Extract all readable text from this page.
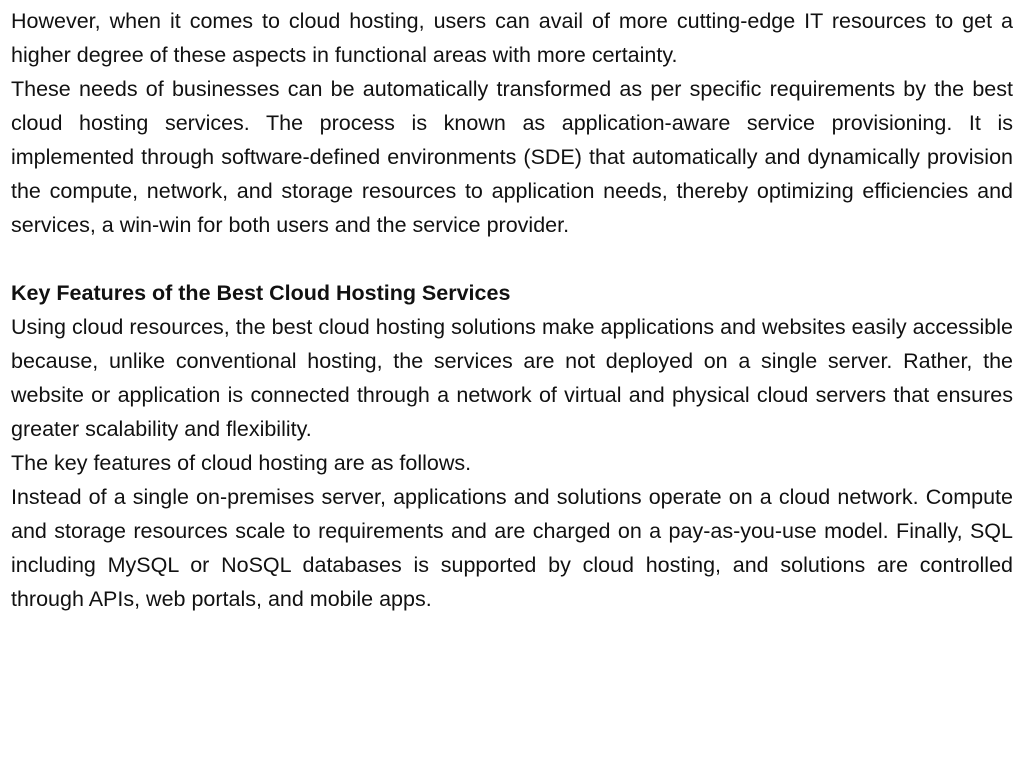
However, when it comes to cloud hosting, users can avail of more cutting-edge IT resources to get a higher degree of these aspects in functional areas with more certainty.

These needs of businesses can be automatically transformed as per specific requirements by the best cloud hosting services. The process is known as application-aware service provisioning. It is implemented through software-defined environments (SDE) that automatically and dynamically provision the compute, network, and storage resources to application needs, thereby optimizing efficiencies and services, a win-win for both users and the service provider.

Key Features of the Best Cloud Hosting Services

Using cloud resources, the best cloud hosting solutions make applications and websites easily accessible because, unlike conventional hosting, the services are not deployed on a single server. Rather, the website or application is connected through a network of virtual and physical cloud servers that ensures greater scalability and flexibility.

The key features of cloud hosting are as follows.

Instead of a single on-premises server, applications and solutions operate on a cloud network. Compute and storage resources scale to requirements and are charged on a pay-as-you-use model. Finally, SQL including MySQL or NoSQL databases is supported by cloud hosting, and solutions are controlled through APIs, web portals, and mobile apps.
